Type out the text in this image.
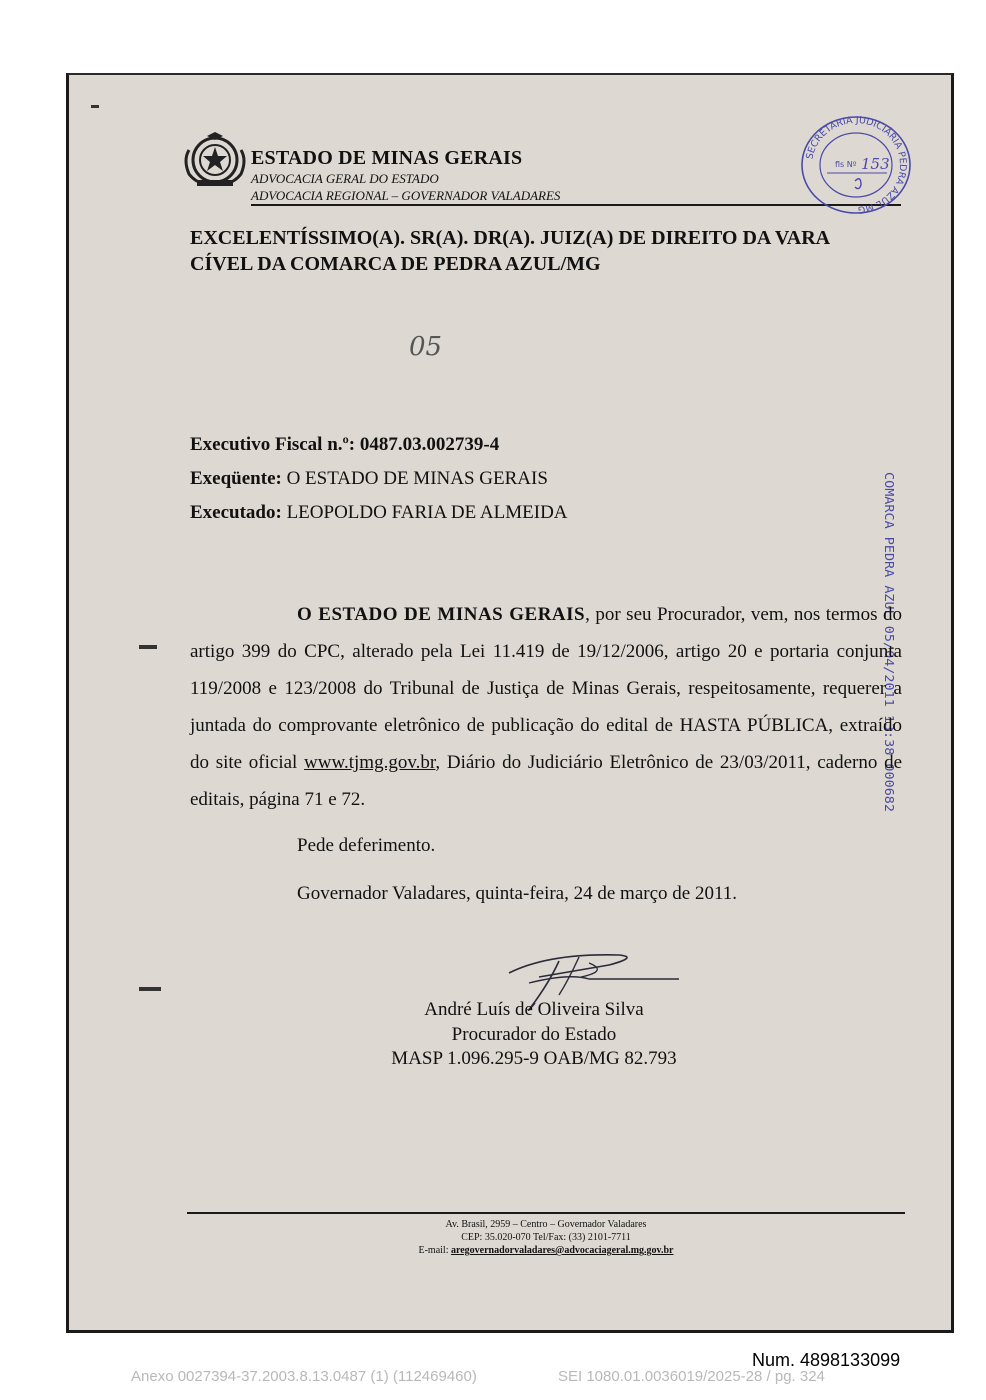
ESTADO DE MINAS GERAIS
ADVOCACIA GERAL DO ESTADO
ADVOCACIA REGIONAL – GOVERNADOR VALADARES
SECRETARIA JUDICIÁRIA PEDRA AZUL MG
fls Nº 153
EXCELENTÍSSIMO(A). SR(A). DR(A). JUIZ(A) DE DIREITO DA VARA
CÍVEL DA COMARCA DE PEDRA AZUL/MG
05
Executivo Fiscal n.º: 0487.03.002739-4
Exeqüente: O ESTADO DE MINAS GERAIS
Executado: LEOPOLDO FARIA DE ALMEIDA	COMARCA PEDRA AZUL 05/04/2011 13:38 000682
O ESTADO DE MINAS GERAIS, por seu Procurador, vem, nos termos do artigo 399 do CPC, alterado pela Lei 11.419 de 19/12/2006, artigo 20 e portaria conjunta 119/2008 e 123/2008 do Tribunal de Justiça de Minas Gerais, respeitosamente, requerer a juntada do comprovante eletrônico de publicação do edital de HASTA PÚBLICA, extraído do site oficial www.tjmg.gov.br, Diário do Judiciário Eletrônico de 23/03/2011, caderno de editais, página 71 e 72.
Pede deferimento.
Governador Valadares, quinta-feira, 24 de março de 2011.
André Luís de Oliveira Silva
Procurador do Estado
MASP 1.096.295-9 OAB/MG 82.793
Av. Brasil, 2959 – Centro – Governador Valadares
CEP: 35.020-070 Tel/Fax: (33) 2101-7711
E-mail: aregovernadorvaladares@advocaciageral.mg.gov.br
Num. 4898133099
Anexo 0027394-37.2003.8.13.0487 (1) (112469460)	SEI 1080.01.0036019/2025-28 / pg. 324
